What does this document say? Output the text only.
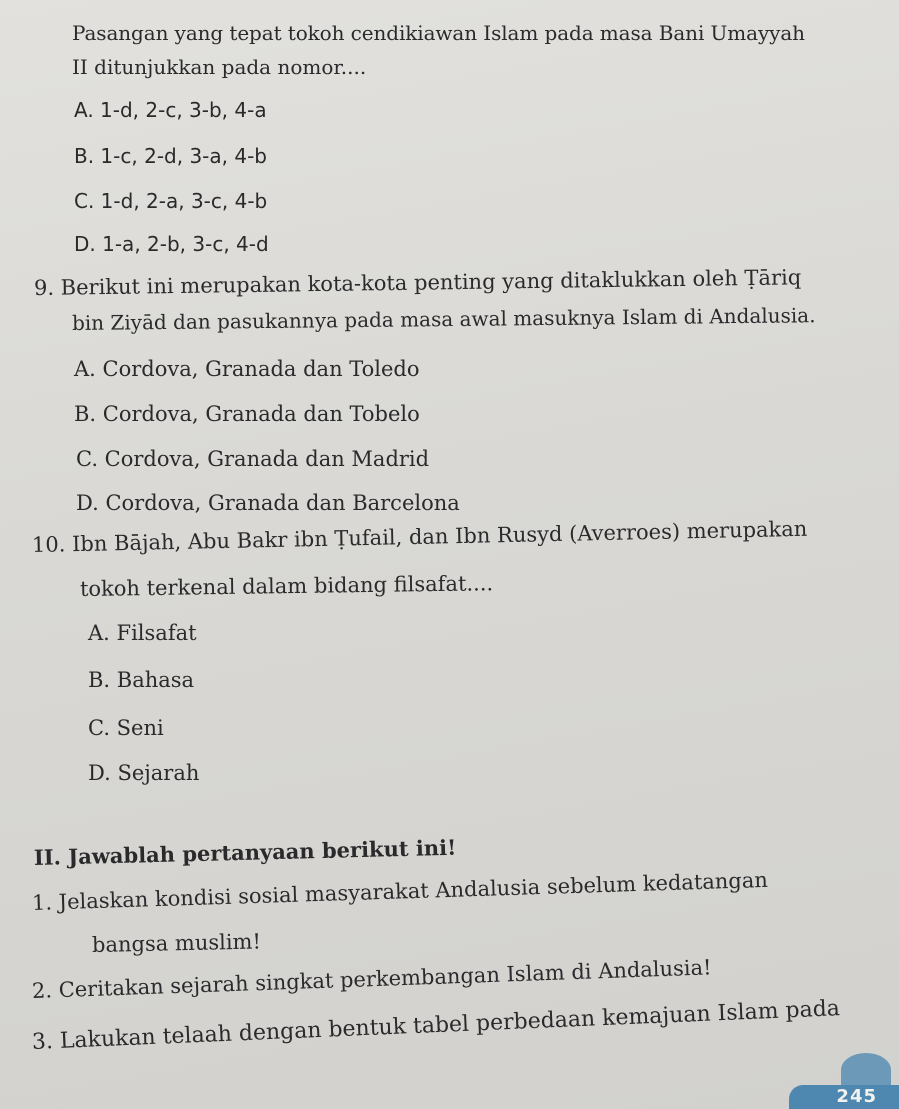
Pasangan yang tepat tokoh cendikiawan Islam pada masa Bani Umayyah
II ditunjukkan pada nomor....
A. 1-d, 2-c, 3-b, 4-a
B. 1-c, 2-d, 3-a, 4-b
C. 1-d, 2-a, 3-c, 4-b
D. 1-a, 2-b, 3-c, 4-d
9. Berikut ini merupakan kota-kota penting yang ditaklukkan oleh Ṭāriq
bin Ziyād dan pasukannya pada masa awal masuknya Islam di Andalusia.
A. Cordova, Granada dan Toledo
B. Cordova, Granada dan Tobelo
C. Cordova, Granada dan Madrid
D. Cordova, Granada dan Barcelona
10. Ibn Bājah, Abu Bakr ibn Ṭufail, dan Ibn Rusyd (Averroes) merupakan
tokoh terkenal dalam bidang filsafat....
A. Filsafat
B. Bahasa
C. Seni
D. Sejarah
II. Jawablah pertanyaan berikut ini!
1. Jelaskan kondisi sosial masyarakat Andalusia sebelum kedatangan
bangsa muslim!
2. Ceritakan sejarah singkat perkembangan Islam di Andalusia!
3. Lakukan telaah dengan bentuk tabel perbedaan kemajuan Islam pada
245
